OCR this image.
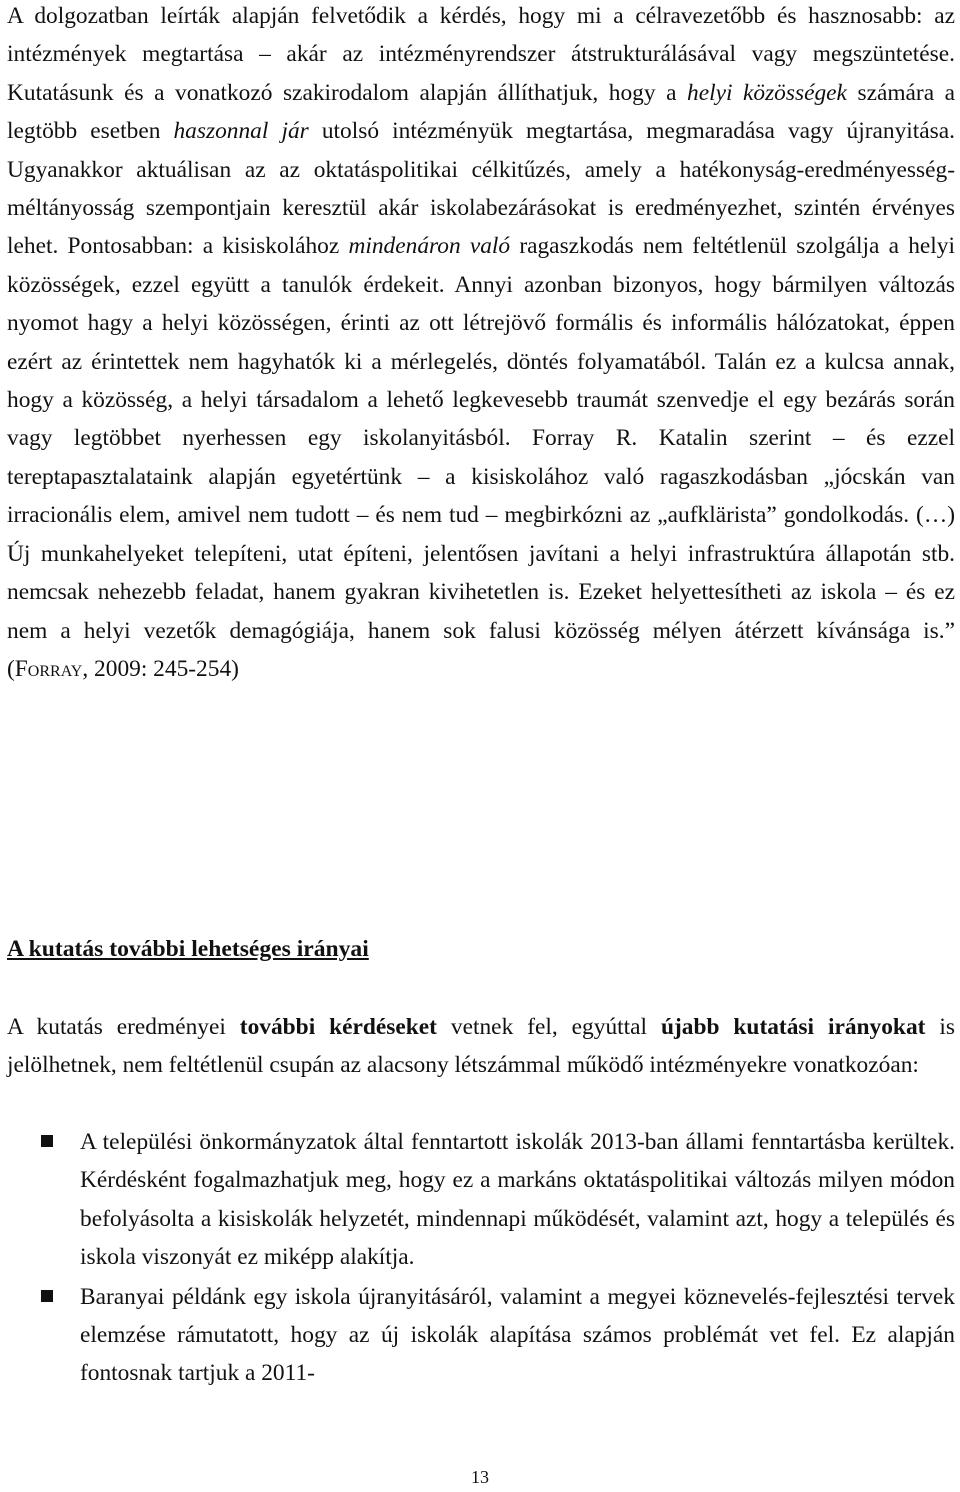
A dolgozatban leírták alapján felvetődik a kérdés, hogy mi a célravezetőbb és hasznosabb: az intézmények megtartása – akár az intézményrendszer átstrukturálásával vagy megszüntetése. Kutatásunk és a vonatkozó szakirodalom alapján állíthatjuk, hogy a helyi közösségek számára a legtöbb esetben haszonnal jár utolsó intézményük megtartása, megmaradása vagy újranyitása. Ugyanakkor aktuálisan az az oktatáspolitikai célkitűzés, amely a hatékonyság-eredményesség-méltányosság szempontjain keresztül akár iskolabezárásokat is eredményezhet, szintén érvényes lehet. Pontosabban: a kisiskolához mindenáron való ragaszkodás nem feltétlenül szolgálja a helyi közösségek, ezzel együtt a tanulók érdekeit. Annyi azonban bizonyos, hogy bármilyen változás nyomot hagy a helyi közösségen, érinti az ott létrejövő formális és informális hálózatokat, éppen ezért az érintettek nem hagyhatók ki a mérlegelés, döntés folyamatából. Talán ez a kulcsa annak, hogy a közösség, a helyi társadalom a lehető legkevesebb traumát szenvedje el egy bezárás során vagy legtöbbet nyerhessen egy iskolanyitásból. Forray R. Katalin szerint – és ezzel tereptapasztalataink alapján egyetértünk – a kisiskolához való ragaszkodásban „jócskán van irracionális elem, amivel nem tudott – és nem tud – megbirkózni az „aufklärista” gondolkodás. (…) Új munkahelyeket telepíteni, utat építeni, jelentősen javítani a helyi infrastruktúra állapotán stb. nemcsak nehezebb feladat, hanem gyakran kivihetetlen is. Ezeket helyettesítheti az iskola – és ez nem a helyi vezetők demagógiája, hanem sok falusi közösség mélyen átérzett kívánsága is.” (Forray, 2009: 245-254)

A kutatás további lehetséges irányai

A kutatás eredményei további kérdéseket vetnek fel, egyúttal újabb kutatási irányokat is jelölhetnek, nem feltétlenül csupán az alacsony létszámmal működő intézményekre vonatkozóan:

A települési önkormányzatok által fenntartott iskolák 2013-ban állami fenntartásba kerültek. Kérdésként fogalmazhatjuk meg, hogy ez a markáns oktatáspolitikai változás milyen módon befolyásolta a kisiskolák helyzetét, mindennapi működését, valamint azt, hogy a település és iskola viszonyát ez miképp alakítja.
Baranyai példánk egy iskola újranyitásáról, valamint a megyei köznevelés-fejlesztési tervek elemzése rámutatott, hogy az új iskolák alapítása számos problémát vet fel. Ez alapján fontosnak tartjuk a 2011-
13
